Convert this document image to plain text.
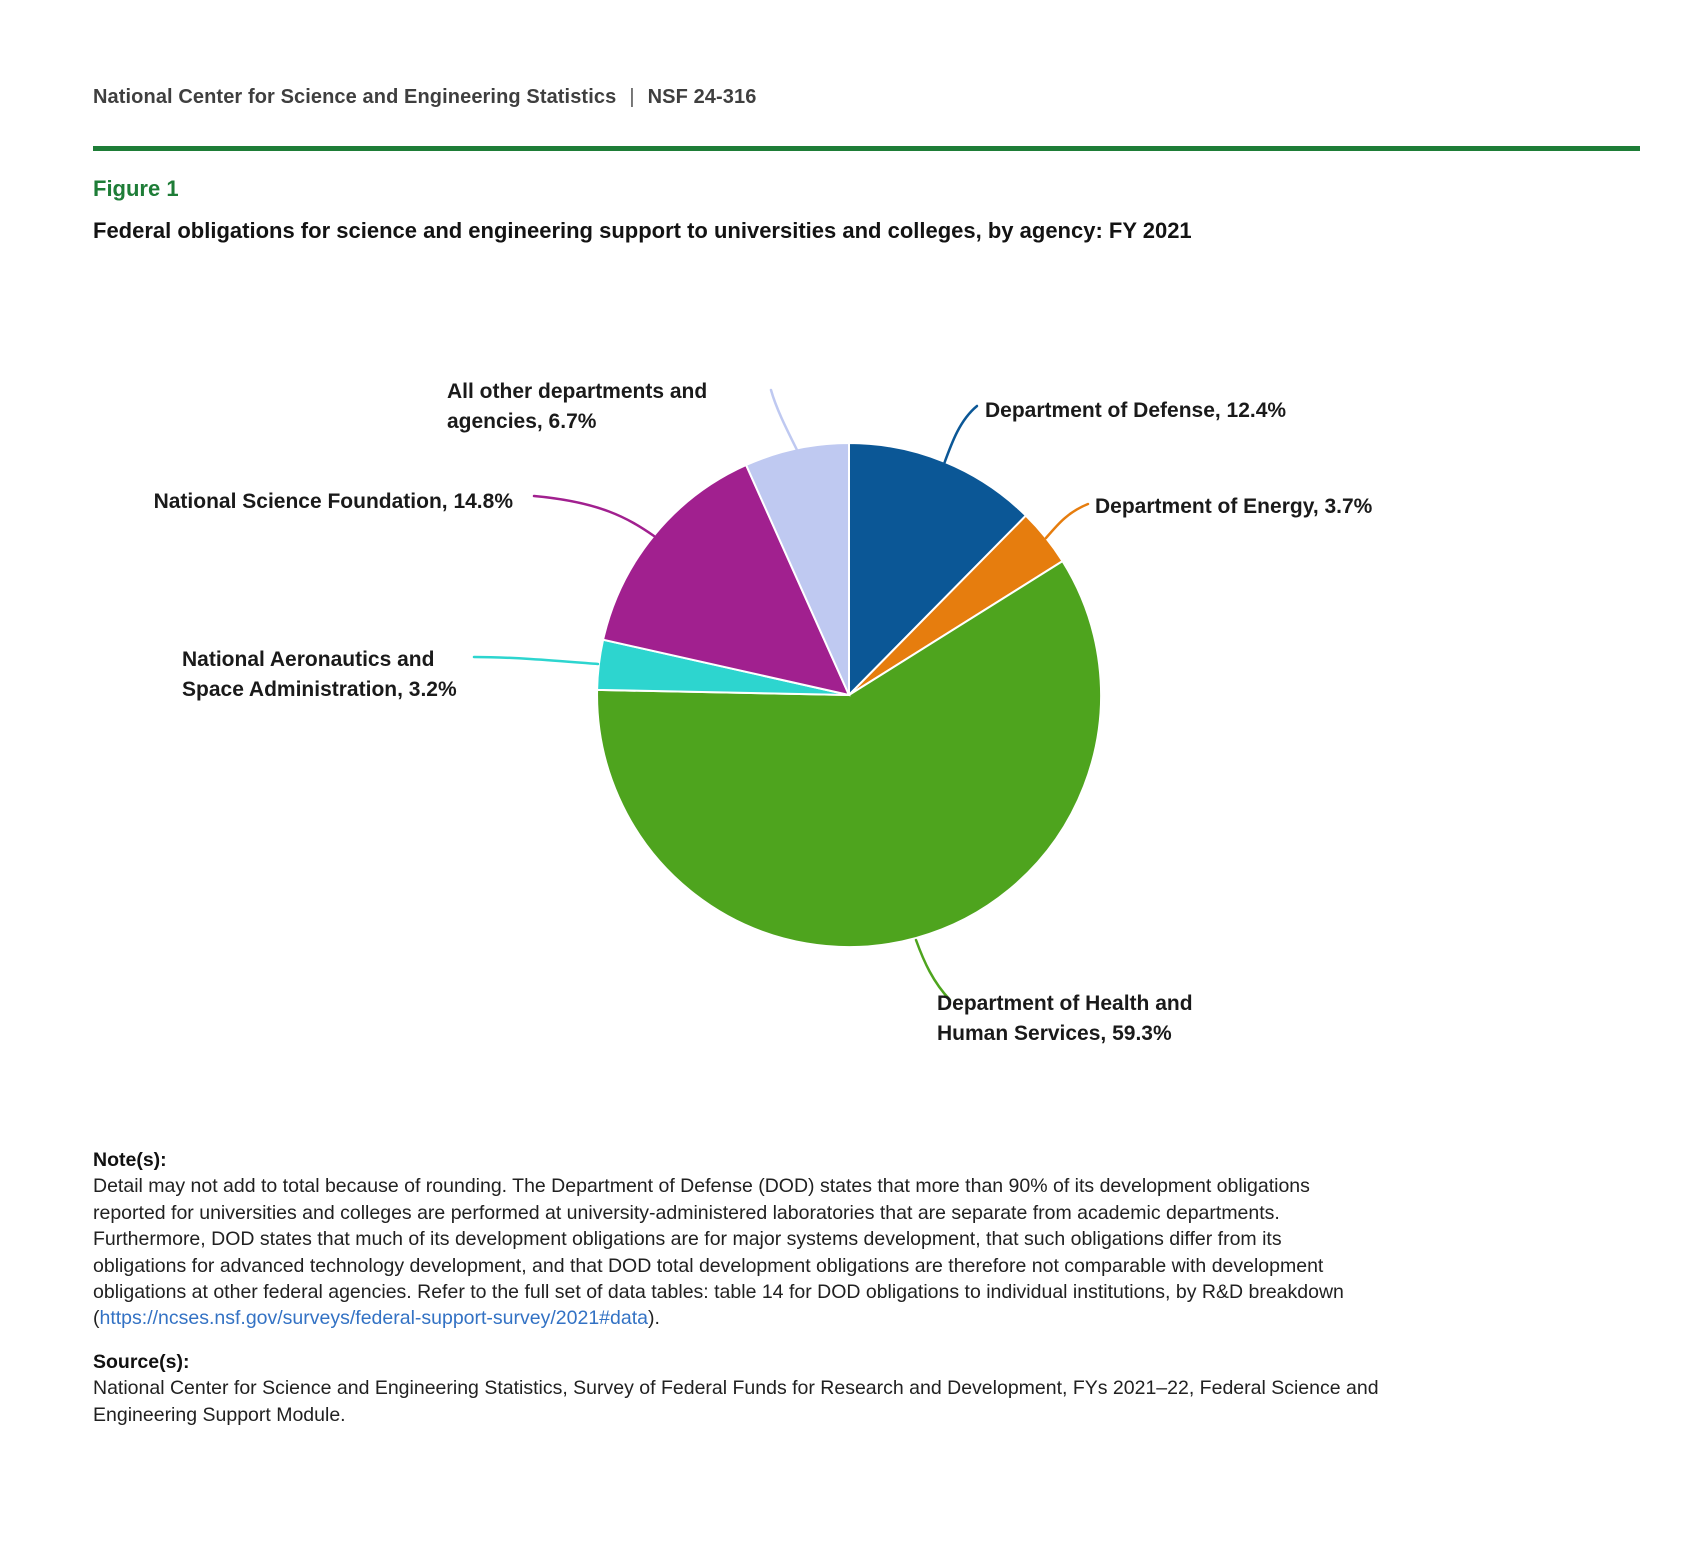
National Center for Science and Engineering Statistics | NSF 24-316
Figure 1
Federal obligations for science and engineering support to universities and colleges, by agency: FY 2021
Department of Defense, 12.4%
Department of Energy, 3.7%
Department of Health and
Human Services, 59.3%
National Aeronautics and
Space Administration, 3.2%
National Science Foundation, 14.8%
All other departments and
agencies, 6.7%
Note(s):
Detail may not add to total because of rounding. The Department of Defense (DOD) states that more than 90% of its development obligations
reported for universities and colleges are performed at university-administered laboratories that are separate from academic departments.
Furthermore, DOD states that much of its development obligations are for major systems development, that such obligations differ from its
obligations for advanced technology development, and that DOD total development obligations are therefore not comparable with development
obligations at other federal agencies. Refer to the full set of data tables: table 14 for DOD obligations to individual institutions, by R&D breakdown
(https://ncses.nsf.gov/surveys/federal-support-survey/2021#data).
Source(s):
National Center for Science and Engineering Statistics, Survey of Federal Funds for Research and Development, FYs 2021–22, Federal Science and
Engineering Support Module.
